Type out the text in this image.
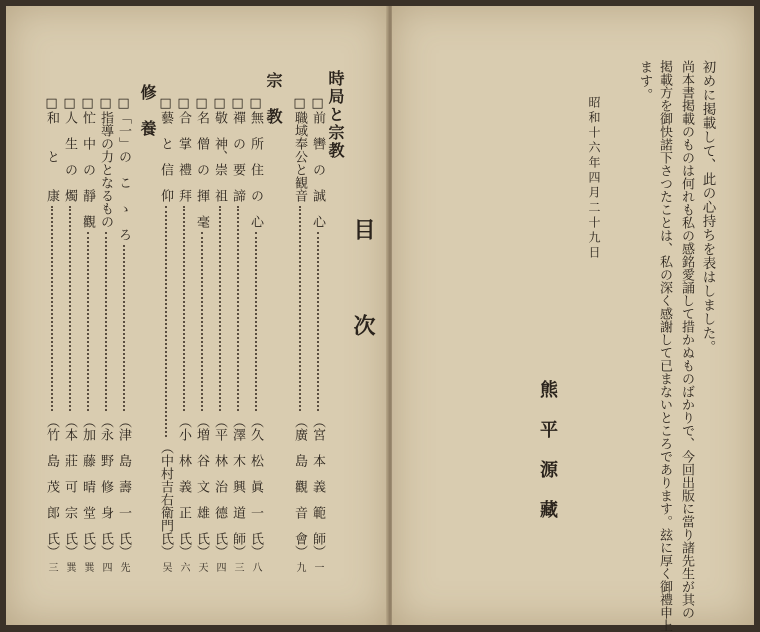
目　次
時局と宗教
□前　轡　の　誠　心
（宮　本　義　範　師）
一
□職域奉公と観音
（廣　島　觀　音　會）
九
宗　教
□無　所　住　の　心
（久　松　眞　一　氏）
八
□禪　の　要　諦
（澤　木　興　道　師）
三
□敬　神、崇　祖
（平　林　治　德　氏）
四
□名　僧　の　揮　毫
（増　谷　文　雄　氏）
天
□合　掌　禮　拜
（小　林　義　正　氏）
六
□藝　と　信　仰
（中村吉右衛門氏）
吴
修　養
□「一」の　こ　ゝ　ろ
（津　島　壽　一　氏）
先
□指導の力となるもの
（永　野　修　身　氏）
四
□忙　中　の　靜　觀
（加　藤　晴　堂　氏）
巽
□人　生　の　燭
（本　莊　可　宗　氏）
巽
□和　　と　　康
（竹　島　茂　郎　氏）
三
初めに掲載して、此の心持ちを表はしました。
尚本書掲載のものは何れも私の感銘愛誦して措かぬものばかりで、今回出版に當り諸先生が其の
掲載方を御快諾下さつたことは、私の深く感謝して已まないところであります。玆に厚く御禮申上
ます。
昭和十六年四月二十九日
熊平源藏
